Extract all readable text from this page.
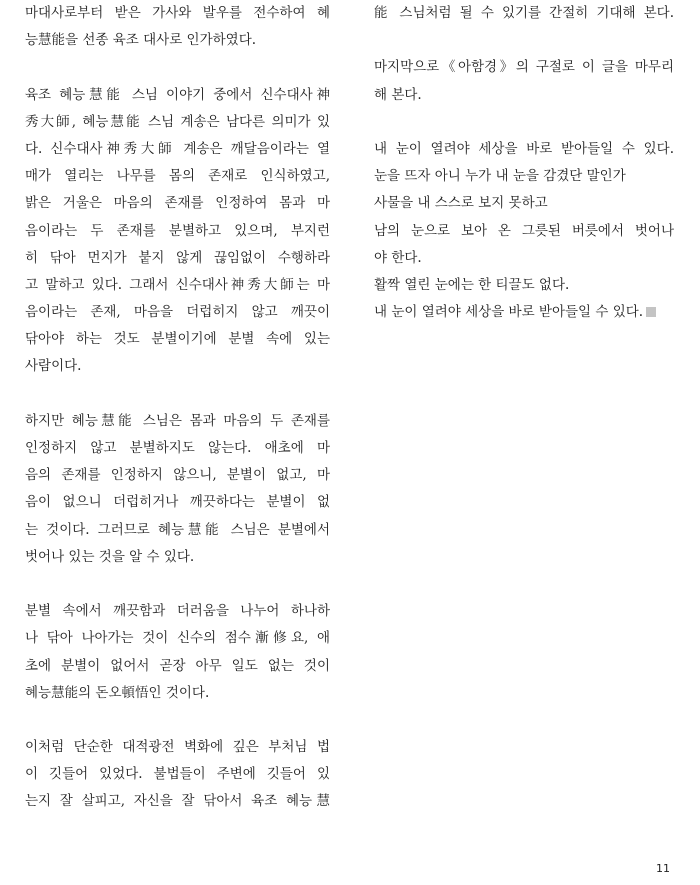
마대사로부터 받은 가사와 발우를 전수하여 혜
능慧能을 선종 육조 대사로 인가하였다.
육조 혜능慧能 스님 이야기 중에서 신수대사神
秀大師, 혜능慧能 스님 계송은 남다른 의미가 있
다. 신수대사神秀大師 계송은 깨달음이라는 열
매가 열리는 나무를 몸의 존재로 인식하였고,
밝은 거울은 마음의 존재를 인정하여 몸과 마
음이라는 두 존재를 분별하고 있으며, 부지런
히 닦아 먼지가 붙지 않게 끊임없이 수행하라
고 말하고 있다. 그래서 신수대사神秀大師는 마
음이라는 존재, 마음을 더럽히지 않고 깨끗이
닦아야 하는 것도 분별이기에 분별 속에 있는
사람이다.
하지만 혜능慧能 스님은 몸과 마음의 두 존재를
인정하지 않고 분별하지도 않는다. 애초에 마
음의 존재를 인정하지 않으니, 분별이 없고, 마
음이 없으니 더럽히거나 깨끗하다는 분별이 없
는 것이다. 그러므로 혜능慧能 스님은 분별에서
벗어나 있는 것을 알 수 있다.
분별 속에서 깨끗함과 더러움을 나누어 하나하
나 닦아 나아가는 것이 신수의 점수漸修요, 애
초에 분별이 없어서 곧장 아무 일도 없는 것이
혜능慧能의 돈오頓悟인 것이다.
이처럼 단순한 대적광전 벽화에 깊은 부처님 법
이 깃들어 있었다. 불법들이 주변에 깃들어 있
는지 잘 살피고, 자신을 잘 닦아서 육조 혜능慧
能 스님처럼 될 수 있기를 간절히 기대해 본다.
마지막으로《아함경》의 구절로 이 글을 마무리
해 본다.
내 눈이 열려야 세상을 바로 받아들일 수 있다.
눈을 뜨자 아니 누가 내 눈을 감겼단 말인가
사물을 내 스스로 보지 못하고
남의 눈으로 보아 온 그릇된 버릇에서 벗어나
야 한다.
활짝 열린 눈에는 한 티끌도 없다.
내 눈이 열려야 세상을 바로 받아들일 수 있다.
11
